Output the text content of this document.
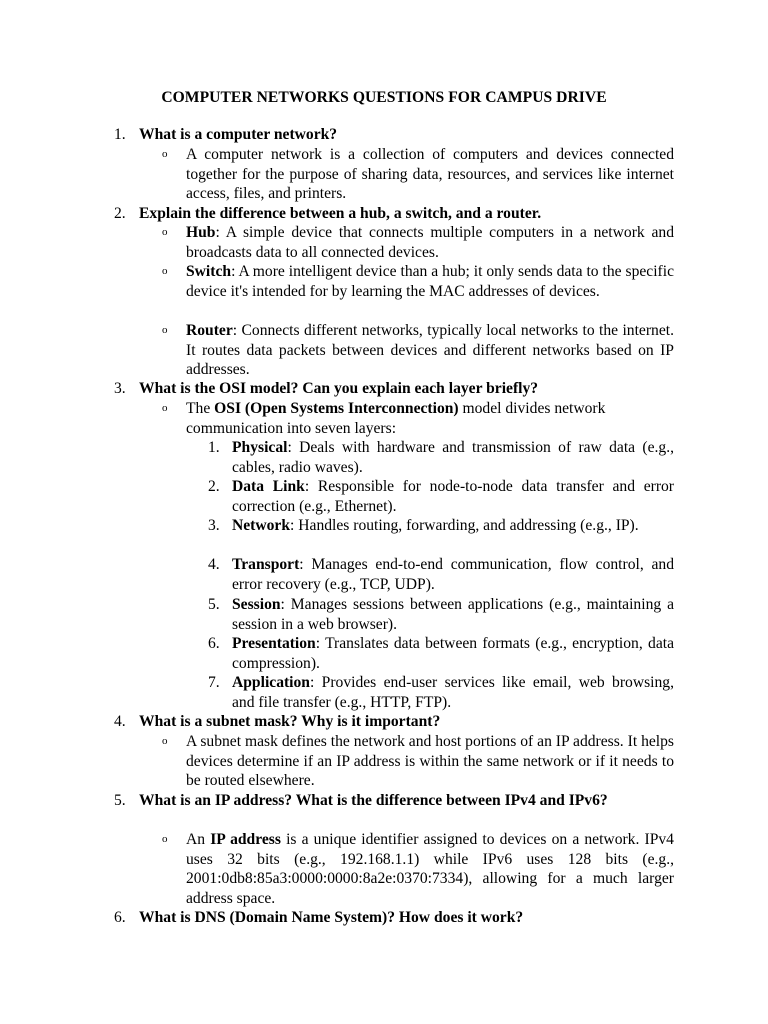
COMPUTER NETWORKS QUESTIONS FOR CAMPUS DRIVE
1. What is a computer network?
o A computer network is a collection of computers and devices connected together for the purpose of sharing data, resources, and services like internet access, files, and printers.
2. Explain the difference between a hub, a switch, and a router.
o Hub: A simple device that connects multiple computers in a network and broadcasts data to all connected devices.
o Switch: A more intelligent device than a hub; it only sends data to the specific device it's intended for by learning the MAC addresses of devices.
o Router: Connects different networks, typically local networks to the internet. It routes data packets between devices and different networks based on IP addresses.
3. What is the OSI model? Can you explain each layer briefly?
o The OSI (Open Systems Interconnection) model divides network communication into seven layers:
1. Physical: Deals with hardware and transmission of raw data (e.g., cables, radio waves).
2. Data Link: Responsible for node-to-node data transfer and error correction (e.g., Ethernet).
3. Network: Handles routing, forwarding, and addressing (e.g., IP).
4. Transport: Manages end-to-end communication, flow control, and error recovery (e.g., TCP, UDP).
5. Session: Manages sessions between applications (e.g., maintaining a session in a web browser).
6. Presentation: Translates data between formats (e.g., encryption, data compression).
7. Application: Provides end-user services like email, web browsing, and file transfer (e.g., HTTP, FTP).
4. What is a subnet mask? Why is it important?
o A subnet mask defines the network and host portions of an IP address. It helps devices determine if an IP address is within the same network or if it needs to be routed elsewhere.
5. What is an IP address? What is the difference between IPv4 and IPv6?
o An IP address is a unique identifier assigned to devices on a network. IPv4 uses 32 bits (e.g., 192.168.1.1) while IPv6 uses 128 bits (e.g., 2001:0db8:85a3:0000:0000:8a2e:0370:7334), allowing for a much larger address space.
6. What is DNS (Domain Name System)? How does it work?
